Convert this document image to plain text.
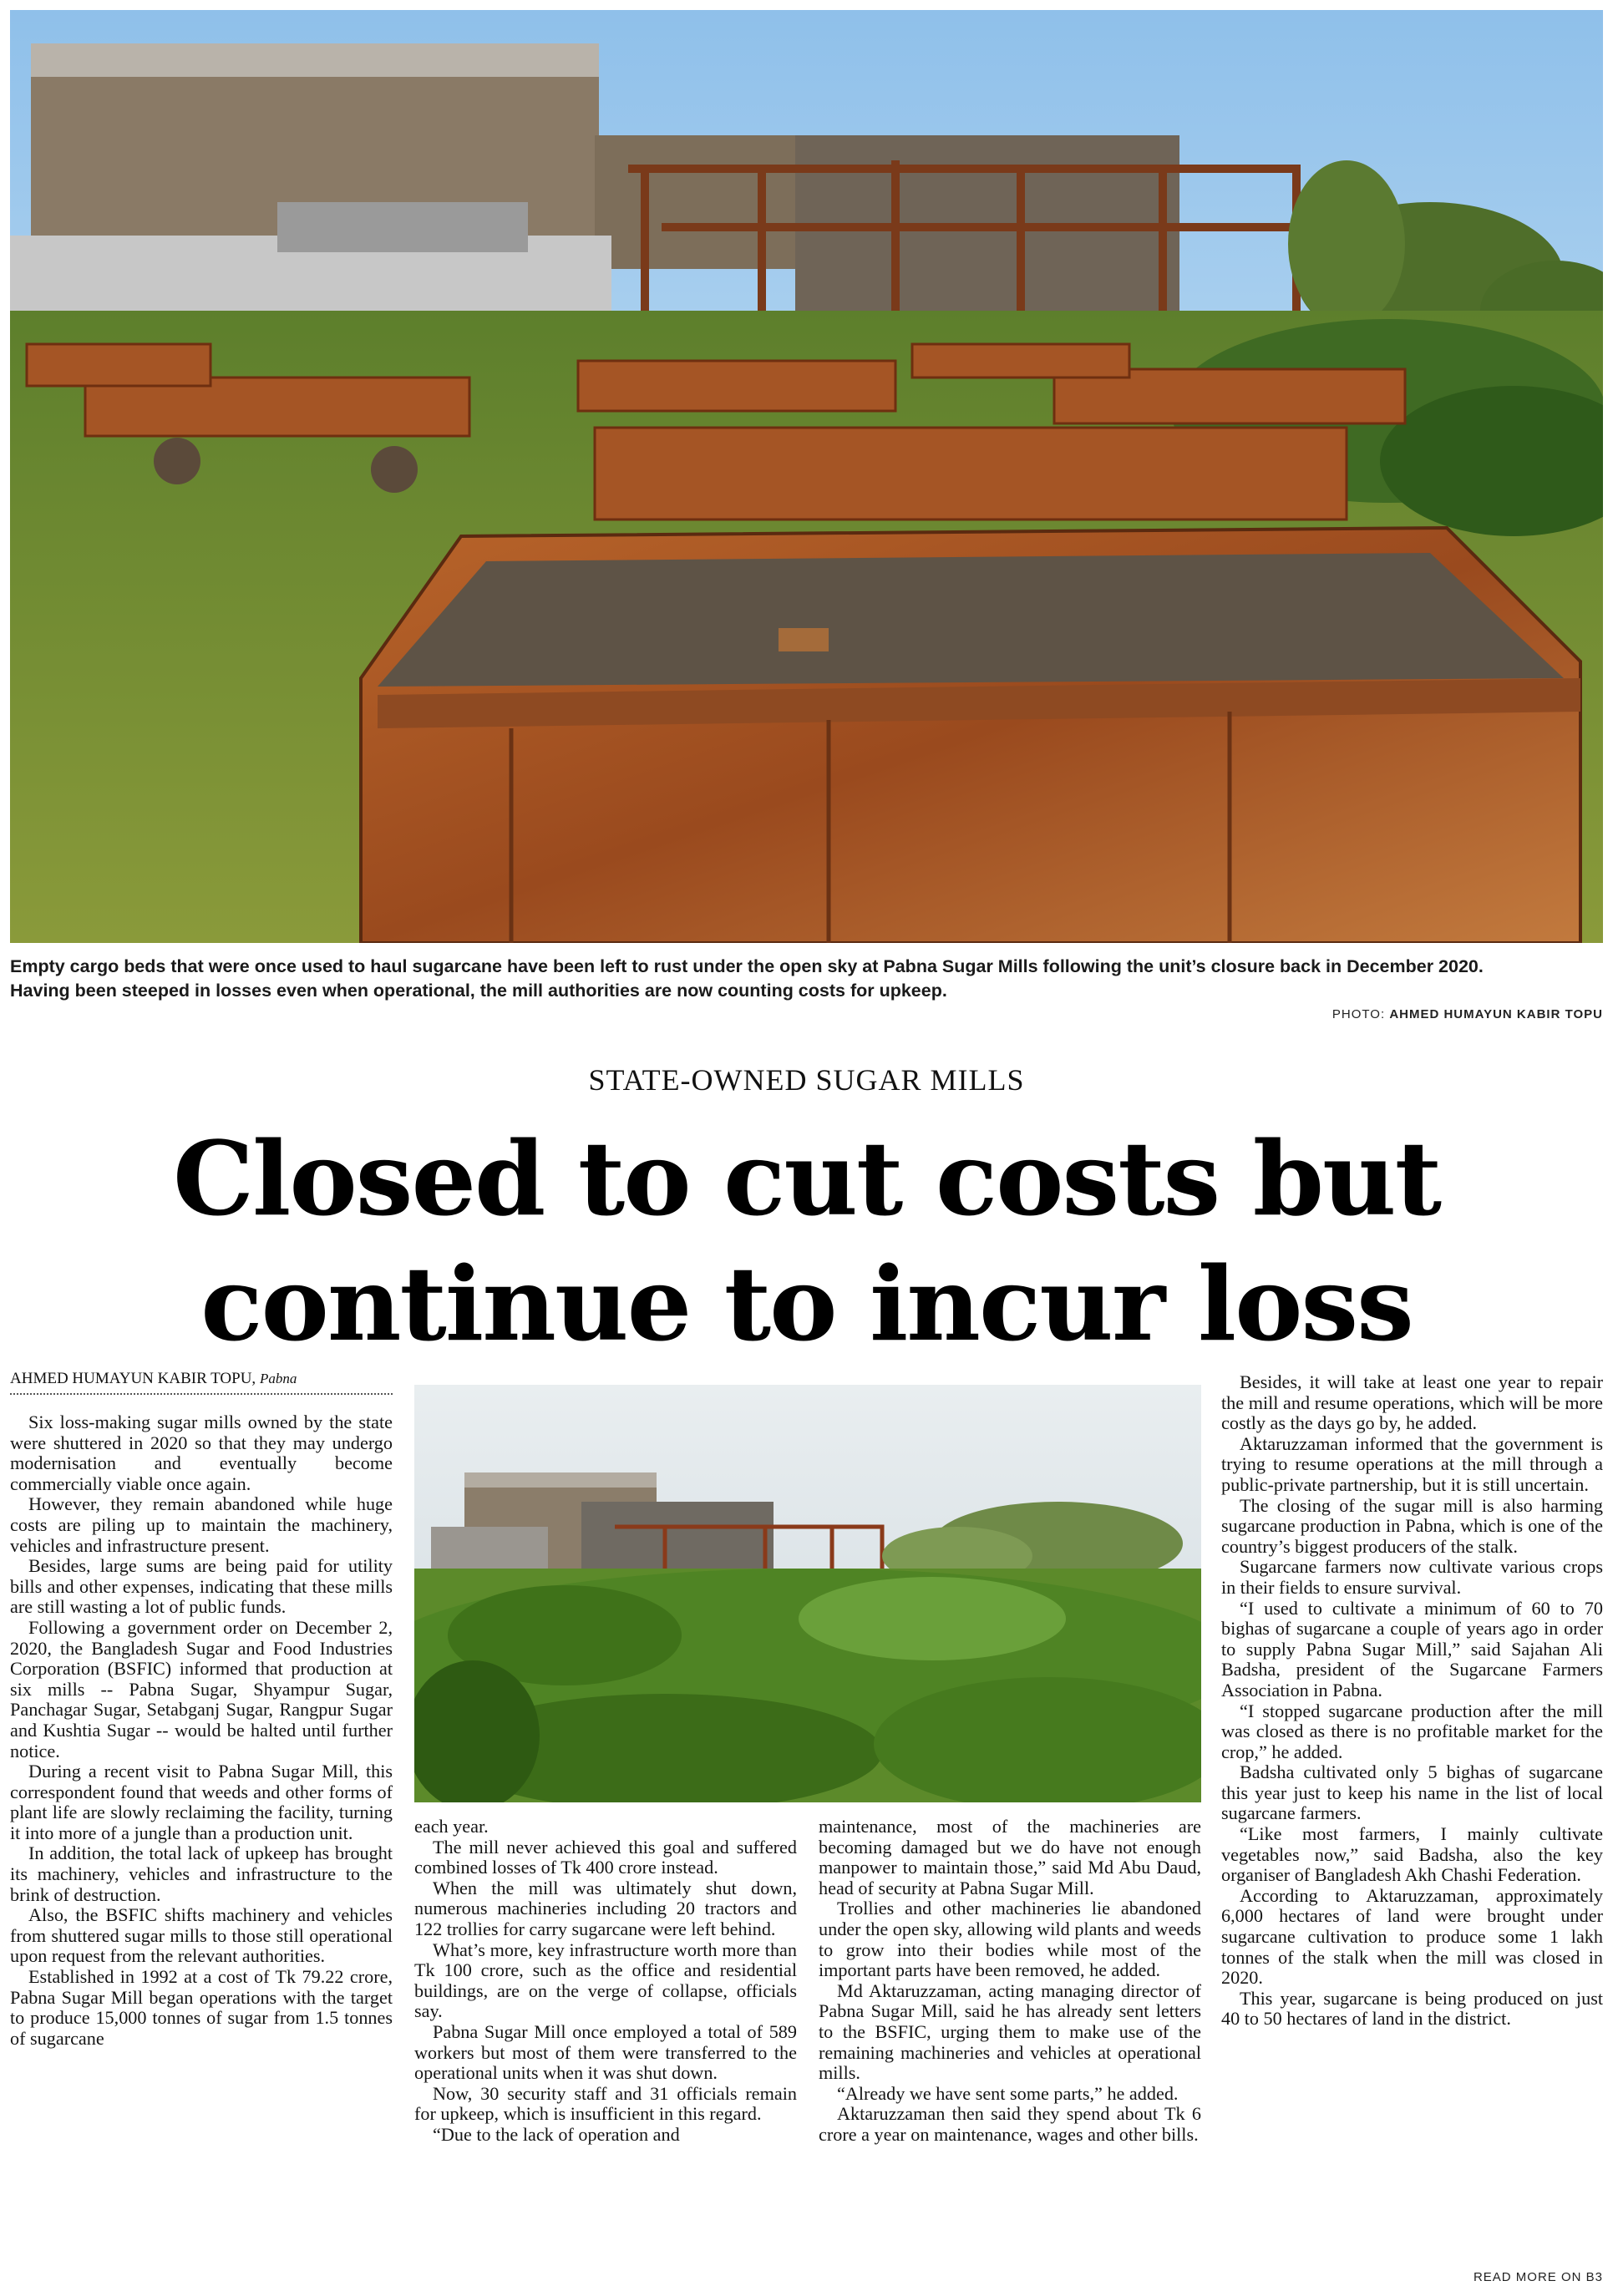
Empty cargo beds that were once used to haul sugarcane have been left to rust under the open sky at Pabna Sugar Mills following the unit’s closure back in December 2020.
Having been steeped in losses even when operational, the mill authorities are now counting costs for upkeep.
PHOTO: AHMED HUMAYUN KABIR TOPU
STATE-OWNED SUGAR MILLS
Closed to cut costs but
continue to incur loss
AHMED HUMAYUN KABIR TOPU, Pabna

Six loss-making sugar mills owned by the state were shuttered in 2020 so that they may undergo modernisation and eventually become commercially viable once again.

However, they remain abandoned while huge costs are piling up to maintain the machinery, vehicles and infrastructure present.

Besides, large sums are being paid for utility bills and other expenses, indicating that these mills are still wasting a lot of public funds.

Following a government order on December 2, 2020, the Bangladesh Sugar and Food Industries Corporation (BSFIC) informed that production at six mills -- Pabna Sugar, Shyampur Sugar, Panchagar Sugar, Setabganj Sugar, Rangpur Sugar and Kushtia Sugar -- would be halted until further notice.

During a recent visit to Pabna Sugar Mill, this correspondent found that weeds and other forms of plant life are slowly reclaiming the facility, turning it into more of a jungle than a production unit.

In addition, the total lack of upkeep has brought its machinery, vehicles and infrastructure to the brink of destruction.

Also, the BSFIC shifts machinery and vehicles from shuttered sugar mills to those still operational upon request from the relevant authorities.

Established in 1992 at a cost of Tk 79.22 crore, Pabna Sugar Mill began operations with the target to produce 15,000 tonnes of sugar from 1.5 tonnes of sugarcane

each year.

The mill never achieved this goal and suffered combined losses of Tk 400 crore instead.

When the mill was ultimately shut down, numerous machineries including 20 tractors and 122 trollies for carry sugarcane were left behind.

What’s more, key infrastructure worth more than Tk 100 crore, such as the office and residential buildings, are on the verge of collapse, officials say.

Pabna Sugar Mill once employed a total of 589 workers but most of them were transferred to the operational units when it was shut down.

Now, 30 security staff and 31 officials remain for upkeep, which is insufficient in this regard.

“Due to the lack of operation and

maintenance, most of the machineries are becoming damaged but we do have not enough manpower to maintain those,” said Md Abu Daud, head of security at Pabna Sugar Mill.

Trollies and other machineries lie abandoned under the open sky, allowing wild plants and weeds to grow into their bodies while most of the important parts have been removed, he added.

Md Aktaruzzaman, acting managing director of Pabna Sugar Mill, said he has already sent letters to the BSFIC, urging them to make use of the remaining machineries and vehicles at operational mills.

“Already we have sent some parts,” he added.

Aktaruzzaman then said they spend about Tk 6 crore a year on maintenance, wages and other bills.

Besides, it will take at least one year to repair the mill and resume operations, which will be more costly as the days go by, he added.

Aktaruzzaman informed that the government is trying to resume operations at the mill through a public-private partnership, but it is still uncertain.

The closing of the sugar mill is also harming sugarcane production in Pabna, which is one of the country’s biggest producers of the stalk.

Sugarcane farmers now cultivate various crops in their fields to ensure survival.

“I used to cultivate a minimum of 60 to 70 bighas of sugarcane a couple of years ago in order to supply Pabna Sugar Mill,” said Sajahan Ali Badsha, president of the Sugarcane Farmers Association in Pabna.

“I stopped sugarcane production after the mill was closed as there is no profitable market for the crop,” he added.

Badsha cultivated only 5 bighas of sugarcane this year just to keep his name in the list of local sugarcane farmers.

“Like most farmers, I mainly cultivate vegetables now,” said Badsha, also the key organiser of Bangladesh Akh Chashi Federation.

According to Aktaruzzaman, approximately 6,000 hectares of land were brought under sugarcane cultivation to produce some 1 lakh tonnes of the stalk when the mill was closed in 2020.

This year, sugarcane is being produced on just 40 to 50 hectares of land in the district.

READ MORE ON B3
